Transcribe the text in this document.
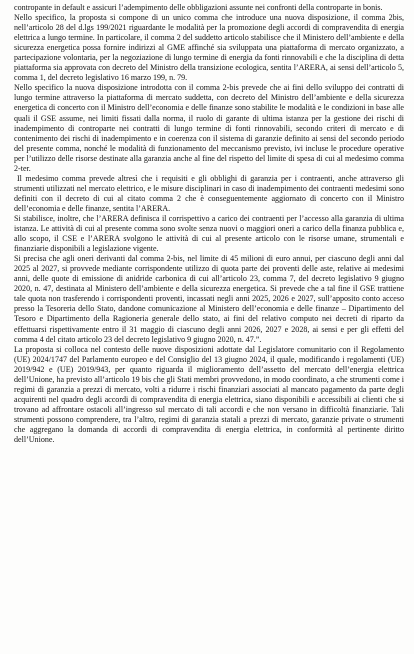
contropante in default e assicuri l’adempimento delle obbligazioni assunte nei confronti della controparte in bonis.

Nello specifico, la proposta si compone di un unico comma che introduce una nuova disposizione, il comma 2bis, nell’articolo 28 del d.lgs 199/2021 riguardante le modalità per la promozione degli accordi di compravendita di energia elettrica a lungo termine. In particolare, il comma 2 del suddetto articolo stabilisce che il Ministero dell’ambiente e della sicurezza energetica possa fornire indirizzi al GME affinché sia sviluppata una piattaforma di mercato organizzato, a partecipazione volontaria, per la negoziazione di lungo termine di energia da fonti rinnovabili e che la disciplina di detta piattaforma sia approvata con decreto del Ministro della transizione ecologica, sentita l’ARERA, ai sensi dell’articolo 5, comma 1, del decreto legislativo 16 marzo 199, n. 79.

Nello specifico la nuova disposizione introdotta con il comma 2-bis prevede che ai fini dello sviluppo dei contratti di lungo termine attraverso la piattaforma di mercato suddetta, con decreto del Ministro dell’ambiente e della sicurezza energetica di concerto con il Ministro dell’economia e delle finanze sono stabilite le modalità e le condizioni in base alle quali il GSE assume, nei limiti fissati dalla norma, il ruolo di garante di ultima istanza per la gestione dei rischi di inadempimento di controparte nei contratti di lungo termine di fonti rinnovabili, secondo criteri di mercato e di contenimento dei rischi di inadempimento e in coerenza con il sistema di garanzie definito ai sensi del secondo periodo del presente comma, nonché le modalità di funzionamento del meccanismo previsto, ivi incluse le procedure operative per l’utilizzo delle risorse destinate alla garanzia anche al fine del rispetto del limite di spesa di cui al medesimo comma 2-ter.

Il medesimo comma prevede altresì che i requisiti e gli obblighi di garanzia per i contraenti, anche attraverso gli strumenti utilizzati nel mercato elettrico, e le misure disciplinari in caso di inadempimento dei contraenti medesimi sono definiti con il decreto di cui al citato comma 2 che è conseguentemente aggiornato di concerto con il Ministro dell’economia e delle finanze, sentita l’ARERA.

Si stabilisce, inoltre, che l’ARERA definisca il corrispettivo a carico dei contraenti per l’accesso alla garanzia di ultima istanza. Le attività di cui al presente comma sono svolte senza nuovi o maggiori oneri a carico della finanza pubblica e, allo scopo, il CSE e l’ARERA svolgono le attività di cui al presente articolo con le risorse umane, strumentali e finanziarie disponibili a legislazione vigente.

Si precisa che agli oneri derivanti dal comma 2-bis, nel limite di 45 milioni di euro annui, per ciascuno degli anni dal 2025 al 2027, si provvede mediante corrispondente utilizzo di quota parte dei proventi delle aste, relative ai medesimi anni, delle quote di emissione di anidride carbonica di cui all’articolo 23, comma 7, del decreto legislativo 9 giugno 2020, n. 47, destinata al Ministero dell’ambiente e della sicurezza energetica. Si prevede che a tal fine il GSE trattiene tale quota non trasferendo i corrispondenti proventi, incassati negli anni 2025, 2026 e 2027, sull’apposito conto acceso presso la Tesoreria dello Stato, dandone comunicazione al Ministero dell’economia e delle finanze – Dipartimento del Tesoro e Dipartimento della Ragioneria generale dello stato, ai fini del relativo computo nei decreti di riparto da effettuarsi rispettivamente entro il 31 maggio di ciascuno degli anni 2026, 2027 e 2028, ai sensi e per gli effetti del comma 4 del citato articolo 23 del decreto legislativo 9 giugno 2020, n. 47.”.

La proposta si colloca nel contesto delle nuove disposizioni adottate dal Legislatore comunitario con il Regolamento (UE) 2024/1747 del Parlamento europeo e del Consiglio del 13 giugno 2024, il quale, modificando i regolamenti (UE) 2019/942 e (UE) 2019/943, per quanto riguarda il miglioramento dell’assetto del mercato dell’energia elettrica dell’Unione, ha previsto all’articolo 19 bis che gli Stati membri provvedono, in modo coordinato, a che strumenti come i regimi di garanzia a prezzi di mercato, volti a ridurre i rischi finanziari associati al mancato pagamento da parte degli acquirenti nel quadro degli accordi di compravendita di energia elettrica, siano disponibili e accessibili ai clienti che si trovano ad affrontare ostacoli all’ingresso sul mercato di tali accordi e che non versano in difficoltà finanziarie. Tali strumenti possono comprendere, tra l’altro, regimi di garanzia statali a prezzi di mercato, garanzie private o strumenti che aggregano la domanda di accordi di compravendita di energia elettrica, in conformità al pertinente diritto dell’Unione.
